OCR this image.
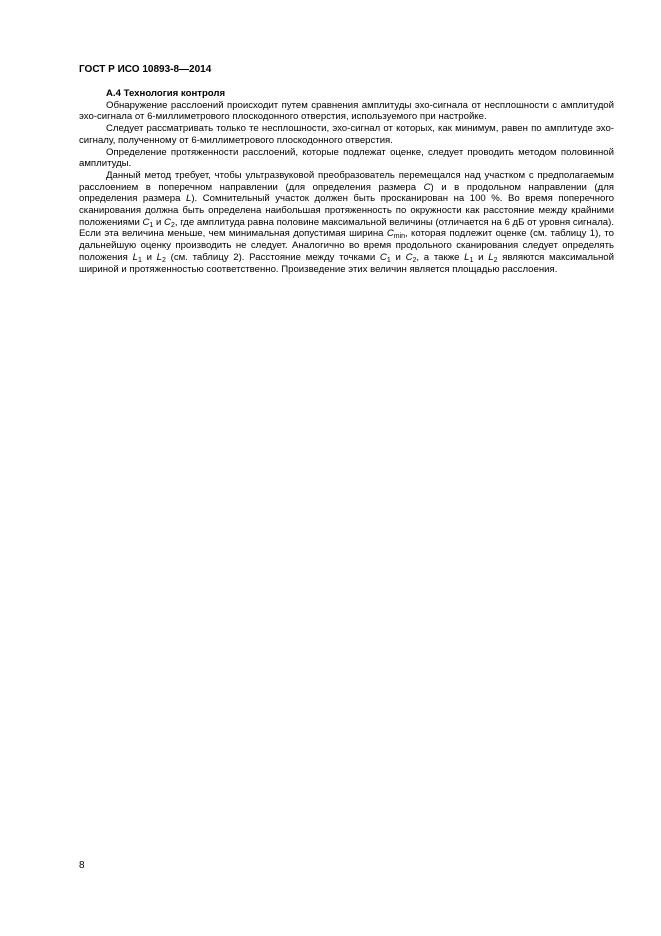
ГОСТ Р ИСО 10893-8—2014

А.4 Технология контроля

Обнаружение расслоений происходит путем сравнения амплитуды эхо-сигнала от несплошности с амплитудой эхо-сигнала от 6-миллиметрового плоскодонного отверстия, используемого при настройке.

Следует рассматривать только те несплошности, эхо-сигнал от которых, как минимум, равен по амплитуде эхо-сигналу, полученному от 6-миллиметрового плоскодонного отверстия.

Определение протяженности расслоений, которые подлежат оценке, следует проводить методом половинной амплитуды.

Данный метод требует, чтобы ультразвуковой преобразователь перемещался над участком с предполагаемым расслоением в поперечном направлении (для определения размера C) и в продольном направлении (для определения размера L). Сомнительный участок должен быть просканирован на 100 %. Во время поперечного сканирования должна быть определена наибольшая протяженность по окружности как расстояние между крайними положениями $C_1$ и $C_2$, где амплитуда равна половине максимальной величины (отличается на 6 дБ от уровня сигнала). Если эта величина меньше, чем минимальная допустимая ширина $C_{min}$, которая подлежит оценке (см. таблицу 1), то дальнейшую оценку производить не следует. Аналогично во время продольного сканирования следует определять положения $L_1$ и $L_2$ (см. таблицу 2). Расстояние между точками $C_1$ и $C_2$, а также $L_1$ и $L_2$ являются максимальной шириной и протяженностью соответственно. Произведение этих величин является площадью расслоения.

8
